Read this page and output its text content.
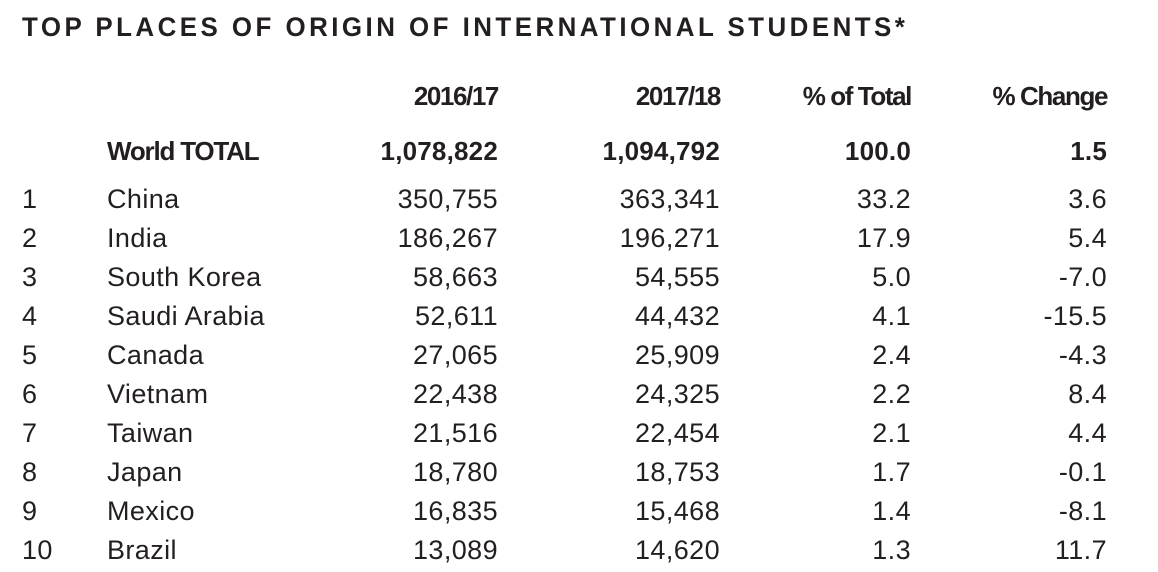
TOP PLACES OF ORIGIN OF INTERNATIONAL STUDENTS*
		2016/17	2017/18	% of Total	% Change
	World TOTAL	1,078,822	1,094,792	100.0	1.5
1	China	350,755	363,341	33.2	3.6
2	India	186,267	196,271	17.9	5.4
3	South Korea	58,663	54,555	5.0	-7.0
4	Saudi Arabia	52,611	44,432	4.1	-15.5
5	Canada	27,065	25,909	2.4	-4.3
6	Vietnam	22,438	24,325	2.2	8.4
7	Taiwan	21,516	22,454	2.1	4.4
8	Japan	18,780	18,753	1.7	-0.1
9	Mexico	16,835	15,468	1.4	-8.1
10	Brazil	13,089	14,620	1.3	11.7
